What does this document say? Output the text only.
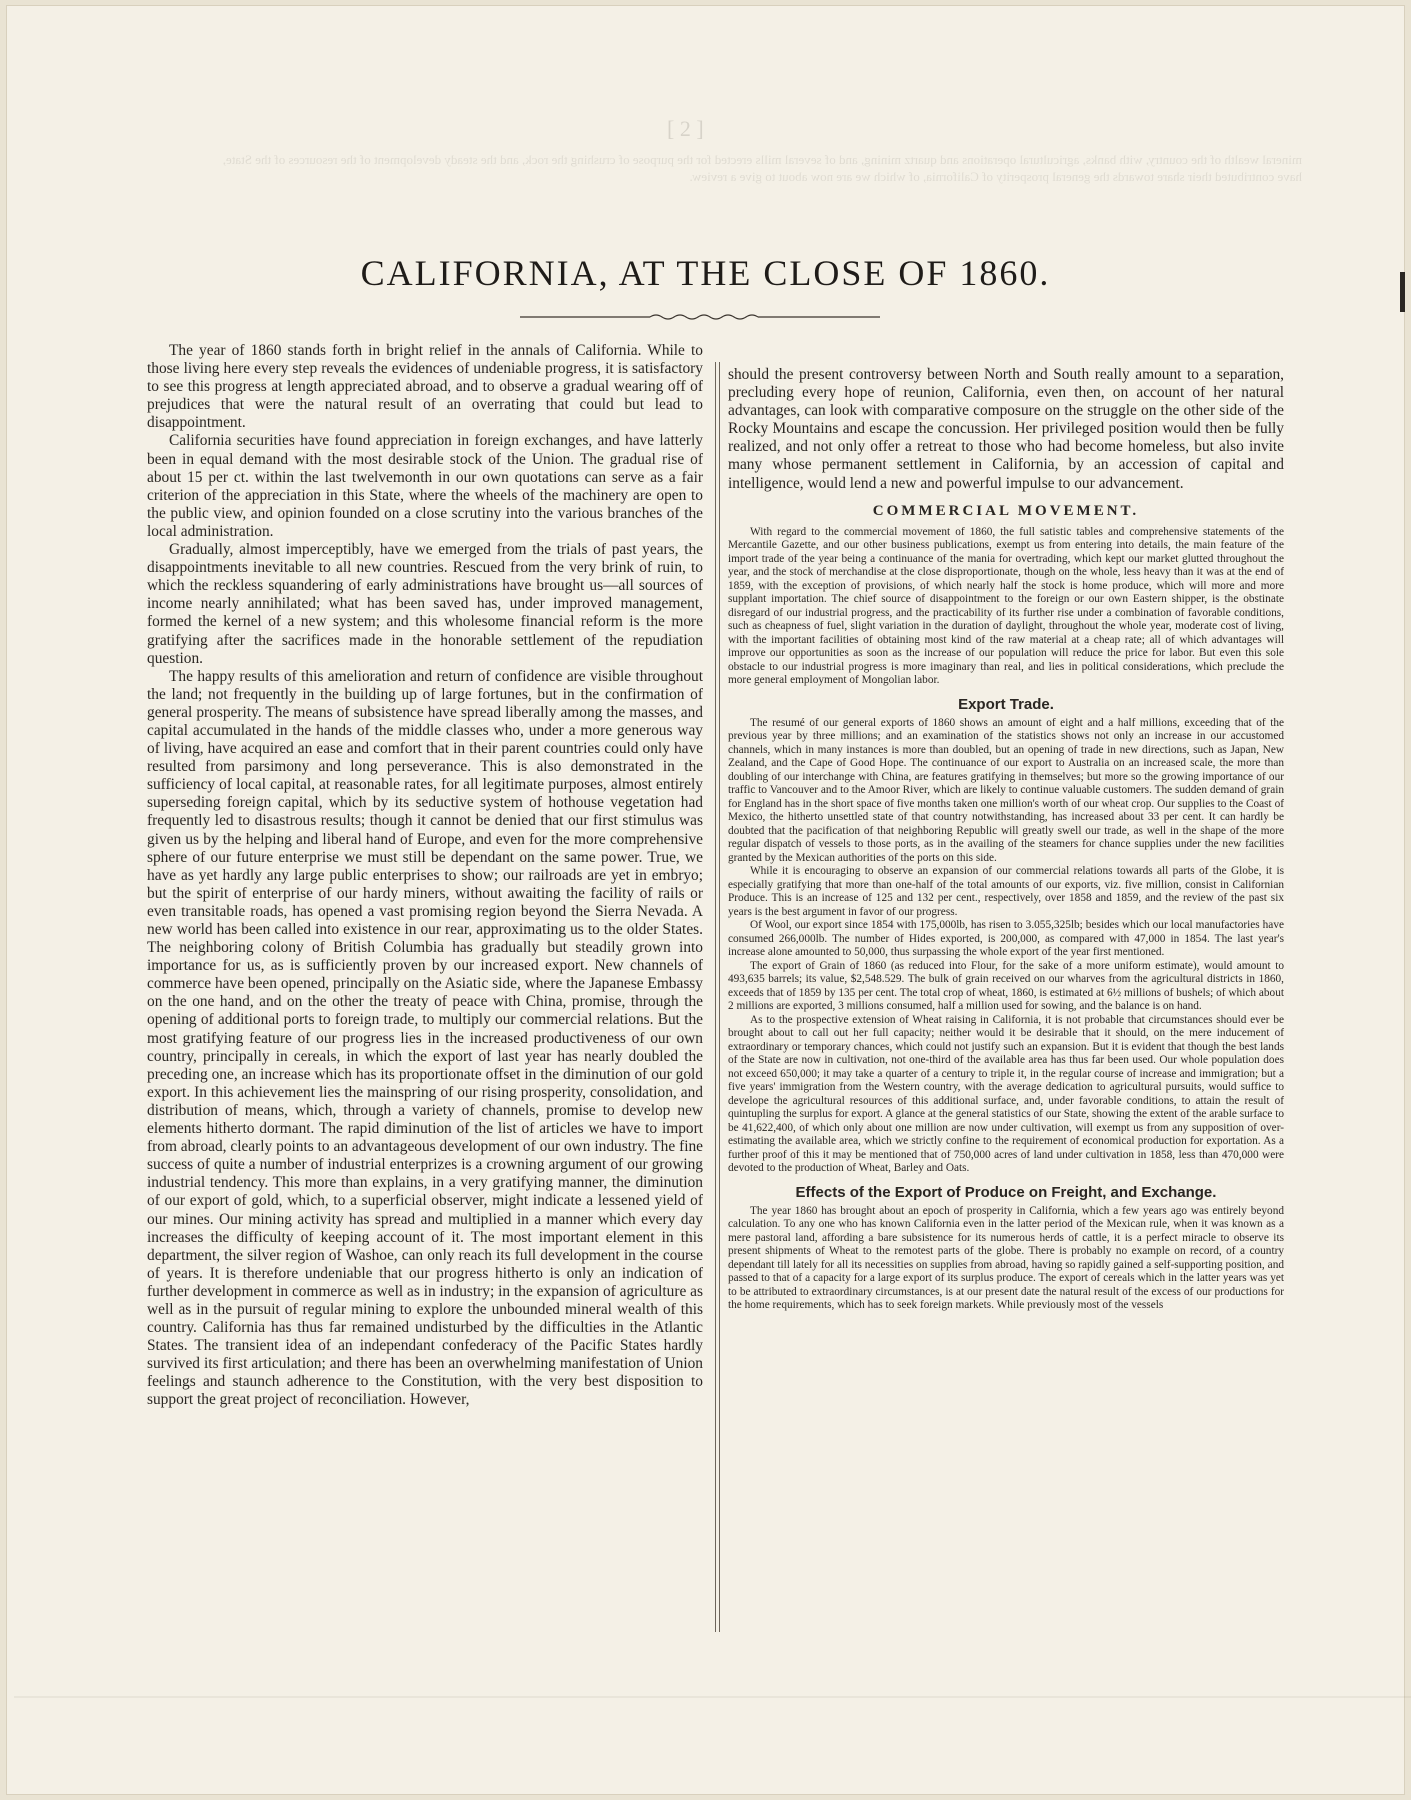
mineral wealth of the country, with banks, agricultural operations and quartz mining, and of several mills erected for the purpose of crushing the rock, and the steady development of the resources of the State, have contributed their share towards the general prosperity of California, of which we are now about to give a review.
[ 2 ]
CALIFORNIA, AT THE CLOSE OF 1860.

The year of 1860 stands forth in bright relief in the annals of California. While to those living here every step reveals the evidences of undeniable progress, it is satisfactory to see this progress at length appreciated abroad, and to observe a gradual wearing off of prejudices that were the natural result of an overrating that could but lead to disappointment.

California securities have found appreciation in foreign exchanges, and have latterly been in equal demand with the most desirable stock of the Union. The gradual rise of about 15 per ct. within the last twelvemonth in our own quotations can serve as a fair criterion of the appreciation in this State, where the wheels of the machinery are open to the public view, and opinion founded on a close scrutiny into the various branches of the local administration.

Gradually, almost imperceptibly, have we emerged from the trials of past years, the disappointments inevitable to all new countries. Rescued from the very brink of ruin, to which the reckless squandering of early administrations have brought us—all sources of income nearly annihilated; what has been saved has, under improved management, formed the kernel of a new system; and this wholesome financial reform is the more gratifying after the sacrifices made in the honorable settlement of the repudiation question.

The happy results of this amelioration and return of confidence are visible throughout the land; not frequently in the building up of large fortunes, but in the confirmation of general prosperity. The means of subsistence have spread liberally among the masses, and capital accumulated in the hands of the middle classes who, under a more generous way of living, have acquired an ease and comfort that in their parent countries could only have resulted from parsimony and long perseverance. This is also demonstrated in the sufficiency of local capital, at reasonable rates, for all legitimate purposes, almost entirely superseding foreign capital, which by its seductive system of hothouse vegetation had frequently led to disastrous results; though it cannot be denied that our first stimulus was given us by the helping and liberal hand of Europe, and even for the more comprehensive sphere of our future enterprise we must still be dependant on the same power. True, we have as yet hardly any large public enterprises to show; our railroads are yet in embryo; but the spirit of enterprise of our hardy miners, without awaiting the facility of rails or even transitable roads, has opened a vast promising region beyond the Sierra Nevada. A new world has been called into existence in our rear, approximating us to the older States. The neighboring colony of British Columbia has gradually but steadily grown into importance for us, as is sufficiently proven by our increased export. New channels of commerce have been opened, principally on the Asiatic side, where the Japanese Embassy on the one hand, and on the other the treaty of peace with China, promise, through the opening of additional ports to foreign trade, to multiply our commercial relations. But the most gratifying feature of our progress lies in the increased productiveness of our own country, principally in cereals, in which the export of last year has nearly doubled the preceding one, an increase which has its proportionate offset in the diminution of our gold export. In this achievement lies the mainspring of our rising prosperity, consolidation, and distribution of means, which, through a variety of channels, promise to develop new elements hitherto dormant. The rapid diminution of the list of articles we have to import from abroad, clearly points to an advantageous development of our own industry. The fine success of quite a number of industrial enterprizes is a crowning argument of our growing industrial tendency. This more than explains, in a very gratifying manner, the diminution of our export of gold, which, to a superficial observer, might indicate a lessened yield of our mines. Our mining activity has spread and multiplied in a manner which every day increases the difficulty of keeping account of it. The most important element in this department, the silver region of Washoe, can only reach its full development in the course of years. It is therefore undeniable that our progress hitherto is only an indication of further development in commerce as well as in industry; in the expansion of agriculture as well as in the pursuit of regular mining to explore the unbounded mineral wealth of this country. California has thus far remained undisturbed by the difficulties in the Atlantic States. The transient idea of an independant confederacy of the Pacific States hardly survived its first articulation; and there has been an overwhelming manifestation of Union feelings and staunch adherence to the Constitution, with the very best disposition to support the great project of reconciliation. However,

should the present controversy between North and South really amount to a separation, precluding every hope of reunion, California, even then, on account of her natural advantages, can look with comparative composure on the struggle on the other side of the Rocky Mountains and escape the concussion. Her privileged position would then be fully realized, and not only offer a retreat to those who had become homeless, but also invite many whose permanent settlement in California, by an accession of capital and intelligence, would lend a new and powerful impulse to our advancement.

COMMERCIAL MOVEMENT.

With regard to the commercial movement of 1860, the full satistic tables and comprehensive statements of the Mercantile Gazette, and our other business publications, exempt us from entering into details, the main feature of the import trade of the year being a continuance of the mania for overtrading, which kept our market glutted throughout the year, and the stock of merchandise at the close disproportionate, though on the whole, less heavy than it was at the end of 1859, with the exception of provisions, of which nearly half the stock is home produce, which will more and more supplant importation. The chief source of disappointment to the foreign or our own Eastern shipper, is the obstinate disregard of our industrial progress, and the practicability of its further rise under a combination of favorable conditions, such as cheapness of fuel, slight variation in the duration of daylight, throughout the whole year, moderate cost of living, with the important facilities of obtaining most kind of the raw material at a cheap rate; all of which advantages will improve our opportunities as soon as the increase of our population will reduce the price for labor. But even this sole obstacle to our industrial progress is more imaginary than real, and lies in political considerations, which preclude the more general employment of Mongolian labor.

Export Trade.

The resumé of our general exports of 1860 shows an amount of eight and a half millions, exceeding that of the previous year by three millions; and an examination of the statistics shows not only an increase in our accustomed channels, which in many instances is more than doubled, but an opening of trade in new directions, such as Japan, New Zealand, and the Cape of Good Hope. The continuance of our export to Australia on an increased scale, the more than doubling of our interchange with China, are features gratifying in themselves; but more so the growing importance of our traffic to Vancouver and to the Amoor River, which are likely to continue valuable customers. The sudden demand of grain for England has in the short space of five months taken one million's worth of our wheat crop. Our supplies to the Coast of Mexico, the hitherto unsettled state of that country notwithstanding, has increased about 33 per cent. It can hardly be doubted that the pacification of that neighboring Republic will greatly swell our trade, as well in the shape of the more regular dispatch of vessels to those ports, as in the availing of the steamers for chance supplies under the new facilities granted by the Mexican authorities of the ports on this side.

While it is encouraging to observe an expansion of our commercial relations towards all parts of the Globe, it is especially gratifying that more than one-half of the total amounts of our exports, viz. five million, consist in Californian Produce. This is an increase of 125 and 132 per cent., respectively, over 1858 and 1859, and the review of the past six years is the best argument in favor of our progress.

Of Wool, our export since 1854 with 175,000lb, has risen to 3.055,325lb; besides which our local manufactories have consumed 266,000lb. The number of Hides exported, is 200,000, as compared with 47,000 in 1854. The last year's increase alone amounted to 50,000, thus surpassing the whole export of the year first mentioned.

The export of Grain of 1860 (as reduced into Flour, for the sake of a more uniform estimate), would amount to 493,635 barrels; its value, $2,548.529. The bulk of grain received on our wharves from the agricultural districts in 1860, exceeds that of 1859 by 135 per cent. The total crop of wheat, 1860, is estimated at 6½ millions of bushels; of which about 2 millions are exported, 3 millions consumed, half a million used for sowing, and the balance is on hand.

As to the prospective extension of Wheat raising in California, it is not probable that circumstances should ever be brought about to call out her full capacity; neither would it be desirable that it should, on the mere inducement of extraordinary or temporary chances, which could not justify such an expansion. But it is evident that though the best lands of the State are now in cultivation, not one-third of the available area has thus far been used. Our whole population does not exceed 650,000; it may take a quarter of a century to triple it, in the regular course of increase and immigration; but a five years' immigration from the Western country, with the average dedication to agricultural pursuits, would suffice to develope the agricultural resources of this additional surface, and, under favorable conditions, to attain the result of quintupling the surplus for export. A glance at the general statistics of our State, showing the extent of the arable surface to be 41,622,400, of which only about one million are now under cultivation, will exempt us from any supposition of over-estimating the available area, which we strictly confine to the requirement of economical production for exportation. As a further proof of this it may be mentioned that of 750,000 acres of land under cultivation in 1858, less than 470,000 were devoted to the production of Wheat, Barley and Oats.

Effects of the Export of Produce on Freight, and Exchange.

The year 1860 has brought about an epoch of prosperity in California, which a few years ago was entirely beyond calculation. To any one who has known California even in the latter period of the Mexican rule, when it was known as a mere pastoral land, affording a bare subsistence for its numerous herds of cattle, it is a perfect miracle to observe its present shipments of Wheat to the remotest parts of the globe. There is probably no example on record, of a country dependant till lately for all its necessities on supplies from abroad, having so rapidly gained a self-supporting position, and passed to that of a capacity for a large export of its surplus produce. The export of cereals which in the latter years was yet to be attributed to extraordinary circumstances, is at our present date the natural result of the excess of our productions for the home requirements, which has to seek foreign markets. While previously most of the vessels
